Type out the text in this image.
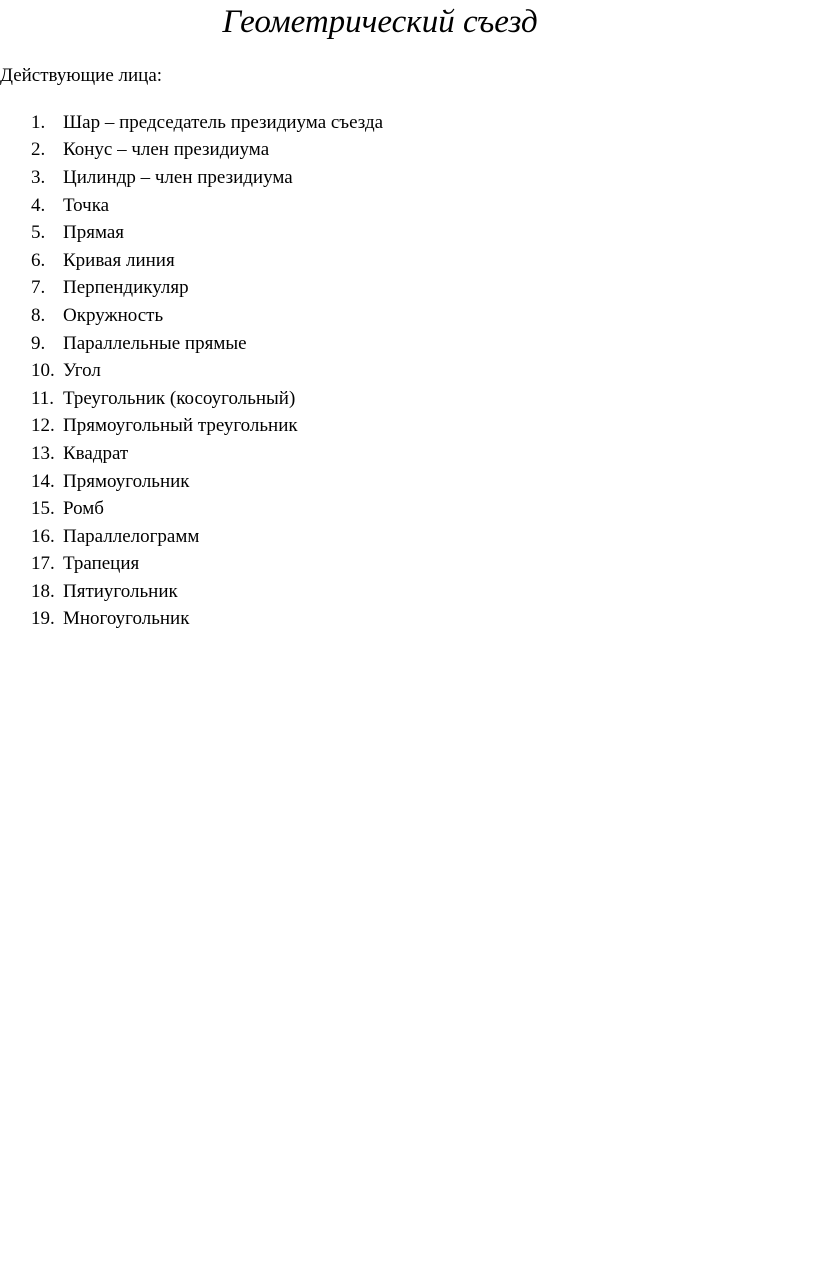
Геометрический съезд
Действующие лица:
1. Шар – председатель президиума съезда
2. Конус – член президиума
3. Цилиндр – член президиума
4. Точка
5. Прямая
6. Кривая линия
7. Перпендикуляр
8. Окружность
9. Параллельные прямые
10. Угол
11. Треугольник (косоугольный)
12. Прямоугольный треугольник
13. Квадрат
14. Прямоугольник
15. Ромб
16. Параллелограмм
17. Трапеция
18. Пятиугольник
19. Многоугольник
